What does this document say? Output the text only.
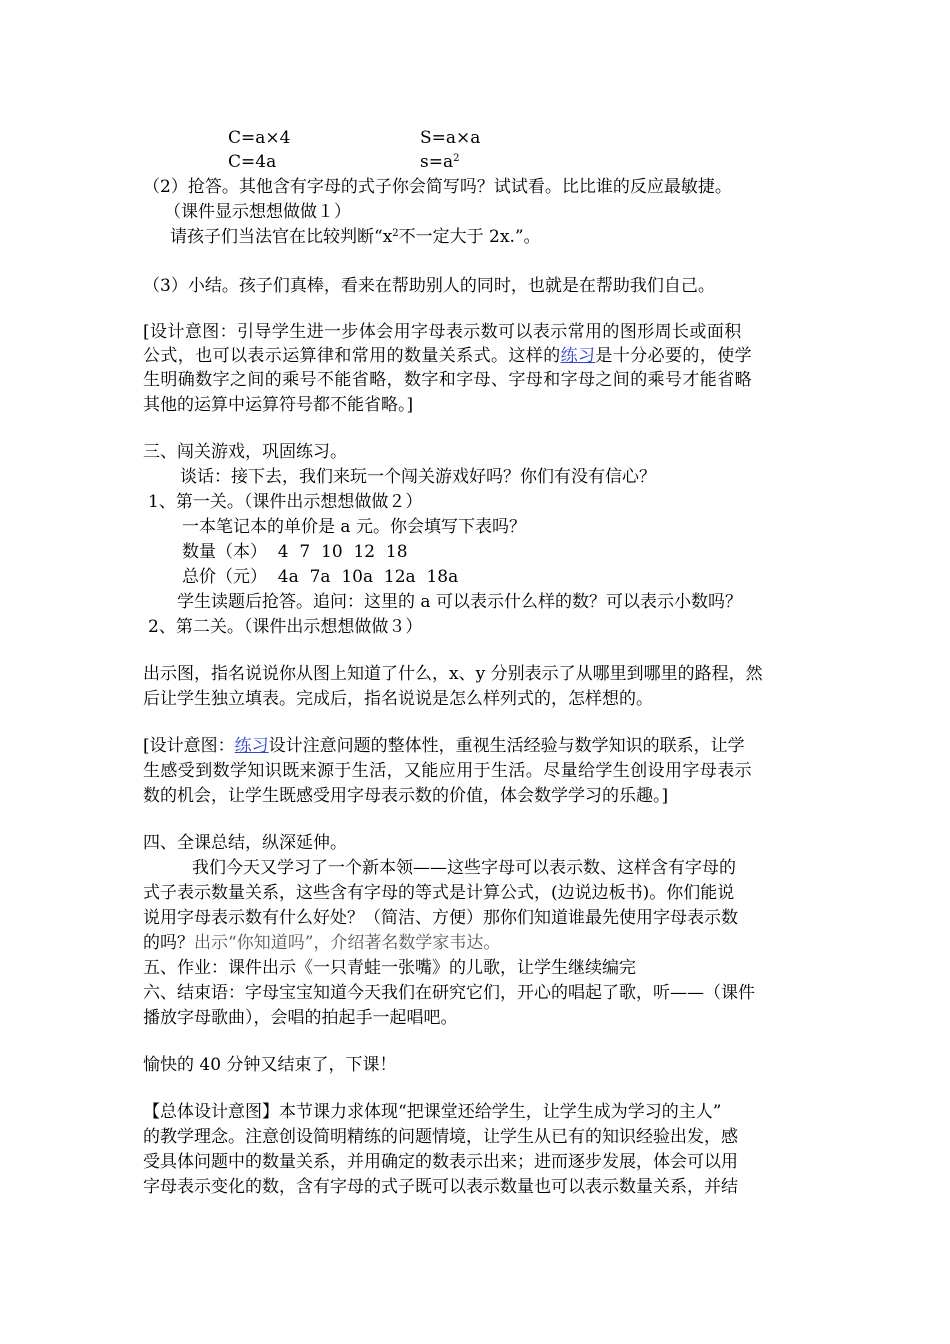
C=a×4	S=a×a
C=4a	$s=a^2$
（2）抢答。其他含有字母的式子你会简写吗？试试看。比比谁的反应最敏捷。
（课件显示想想做做１）
请孩子们当法官在比较判断“$x^2$不一定大于 2x.”。
（3）小结。孩子们真棒，看来在帮助别人的同时，也就是在帮助我们自己。
[设计意图：引导学生进一步体会用字母表示数可以表示常用的图形周长或面积
公式，也可以表示运算律和常用的数量关系式。这样的练习是十分必要的，使学
生明确数字之间的乘号不能省略，数字和字母、字母和字母之间的乘号才能省略
其他的运算中运算符号都不能省略。]
三、闯关游戏，巩固练习。
谈话：接下去，我们来玩一个闯关游戏好吗？你们有没有信心？
1、第一关。（课件出示想想做做２）
一本笔记本的单价是 a 元。你会填写下表吗？
数量（本）  4  7  10  12  18
总价（元）  4a  7a  10a  12a  18a
学生读题后抢答。追问：这里的 a 可以表示什么样的数？可以表示小数吗？
2、第二关。（课件出示想想做做３）
出示图，指名说说你从图上知道了什么，x、y 分别表示了从哪里到哪里的路程，然
后让学生独立填表。完成后，指名说说是怎么样列式的，怎样想的。
[设计意图：练习设计注意问题的整体性，重视生活经验与数学知识的联系，让学
生感受到数学知识既来源于生活，又能应用于生活。尽量给学生创设用字母表示
数的机会，让学生既感受用字母表示数的价值，体会数学学习的乐趣。]
四、全课总结，纵深延伸。
我们今天又学习了一个新本领——这些字母可以表示数、这样含有字母的
式子表示数量关系，这些含有字母的等式是计算公式，(边说边板书)。你们能说
说用字母表示数有什么好处？（简洁、方便）那你们知道谁最先使用字母表示数
的吗？出示“你知道吗”，介绍著名数学家韦达。
五、作业：课件出示《一只青蛙一张嘴》的儿歌，让学生继续编完
六、结束语：字母宝宝知道今天我们在研究它们，开心的唱起了歌，听——（课件
播放字母歌曲），会唱的拍起手一起唱吧。
愉快的 40 分钟又结束了，下课！
【总体设计意图】本节课力求体现“把课堂还给学生，让学生成为学习的主人”
的教学理念。注意创设简明精练的问题情境，让学生从已有的知识经验出发，感
受具体问题中的数量关系，并用确定的数表示出来；进而逐步发展，体会可以用
字母表示变化的数，含有字母的式子既可以表示数量也可以表示数量关系，并结
